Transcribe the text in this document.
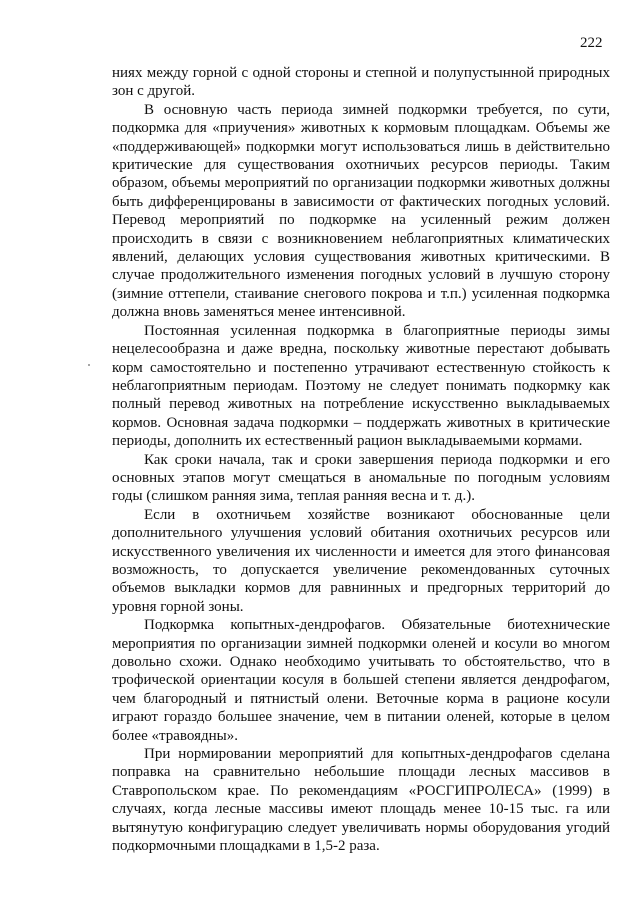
222

ниях между горной с одной стороны и степной и полупустынной природных зон с другой.

В основную часть периода зимней подкормки требуется, по сути, подкормка для «приучения» животных к кормовым площадкам. Объемы же «поддерживающей» подкормки могут использоваться лишь в действительно критические для существования охотничьих ресурсов периоды. Таким образом, объемы мероприятий по организации подкормки животных должны быть дифференцированы в зависимости от фактических погодных условий. Перевод мероприятий по подкормке на усиленный режим должен происходить в связи с возникновением неблагоприятных климатических явлений, делающих условия существования животных критическими. В случае продолжительного изменения погодных условий в лучшую сторону (зимние оттепели, стаивание снегового покрова и т.п.) усиленная подкормка должна вновь заменяться менее интенсивной.

Постоянная усиленная подкормка в благоприятные периоды зимы нецелесообразна и даже вредна, поскольку животные перестают добывать корм самостоятельно и постепенно утрачивают естественную стойкость к неблагоприятным периодам. Поэтому не следует понимать подкормку как полный перевод животных на потребление искусственно выкладываемых кормов. Основная задача подкормки – поддержать животных в критические периоды, дополнить их естественный рацион выкладываемыми кормами.

Как сроки начала, так и сроки завершения периода подкормки и его основных этапов могут смещаться в аномальные по погодным условиям годы (слишком ранняя зима, теплая ранняя весна и т. д.).

Если в охотничьем хозяйстве возникают обоснованные цели дополнительного улучшения условий обитания охотничьих ресурсов или искусственного увеличения их численности и имеется для этого финансовая возможность, то допускается увеличение рекомендованных суточных объемов выкладки кормов для равнинных и предгорных территорий до уровня горной зоны.

Подкормка копытных-дендрофагов. Обязательные биотехнические мероприятия по организации зимней подкормки оленей и косули во многом довольно схожи. Однако необходимо учитывать то обстоятельство, что в трофической ориентации косуля в большей степени является дендрофагом, чем благородный и пятнистый олени. Веточные корма в рационе косули играют гораздо большее значение, чем в питании оленей, которые в целом более «травоядны».

При нормировании мероприятий для копытных-дендрофагов сделана поправка на сравнительно небольшие площади лесных массивов в Ставропольском крае. По рекомендациям «РОСГИПРОЛЕСА» (1999) в случаях, когда лесные массивы имеют площадь менее 10-15 тыс. га или вытянутую конфигурацию следует увеличивать нормы оборудования угодий подкормочными площадками в 1,5-2 раза.
